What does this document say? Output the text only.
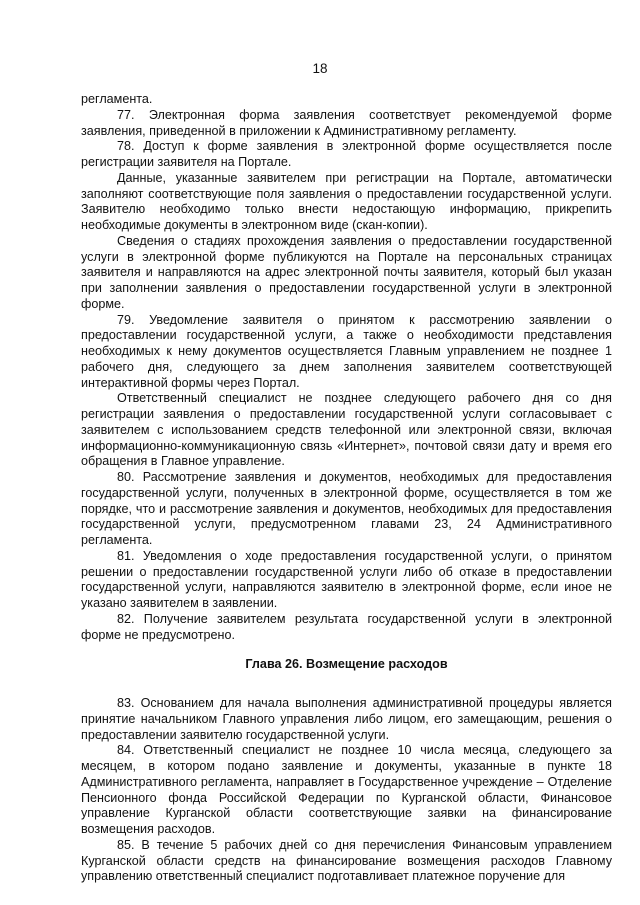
18

регламента.

77. Электронная форма заявления соответствует рекомендуемой форме заявления, приведенной в приложении к Административному регламенту.

78. Доступ к форме заявления в электронной форме осуществляется после регистрации заявителя на Портале.

Данные, указанные заявителем при регистрации на Портале, автоматически заполняют соответствующие поля заявления о предоставлении государственной услуги. Заявителю необходимо только внести недостающую информацию, прикрепить необходимые документы в электронном виде (скан-копии).

Сведения о стадиях прохождения заявления о предоставлении государственной услуги в электронной форме публикуются на Портале на персональных страницах заявителя и направляются на адрес электронной почты заявителя, который был указан при заполнении заявления о предоставлении государственной услуги в электронной форме.

79. Уведомление заявителя о принятом к рассмотрению заявлении о предоставлении государственной услуги, а также о необходимости представления необходимых к нему документов осуществляется Главным управлением не позднее 1 рабочего дня, следующего за днем заполнения заявителем соответствующей интерактивной формы через Портал.

Ответственный специалист не позднее следующего рабочего дня со дня регистрации заявления о предоставлении государственной услуги согласовывает с заявителем с использованием средств телефонной или электронной связи, включая информационно-коммуникационную связь «Интернет», почтовой связи дату и время его обращения в Главное управление.

80. Рассмотрение заявления и документов, необходимых для предоставления государственной услуги, полученных в электронной форме, осуществляется в том же порядке, что и рассмотрение заявления и документов, необходимых для предоставления государственной услуги, предусмотренном главами 23, 24 Административного регламента.

81. Уведомления о ходе предоставления государственной услуги, о принятом решении о предоставлении государственной услуги либо об отказе в предоставлении государственной услуги, направляются заявителю в электронной форме, если иное не указано заявителем в заявлении.

82. Получение заявителем результата государственной услуги в электронной форме не предусмотрено.

Глава 26. Возмещение расходов

83. Основанием для начала выполнения административной процедуры является принятие начальником Главного управления либо лицом, его замещающим, решения о предоставлении заявителю государственной услуги.

84. Ответственный специалист не позднее 10 числа месяца, следующего за месяцем, в котором подано заявление и документы, указанные в пункте 18 Административного регламента, направляет в Государственное учреждение – Отделение Пенсионного фонда Российской Федерации по Курганской области, Финансовое управление Курганской области соответствующие заявки на финансирование возмещения расходов.

85. В течение 5 рабочих дней со дня перечисления Финансовым управлением Курганской области средств на финансирование возмещения расходов Главному управлению ответственный специалист подготавливает платежное поручение для
